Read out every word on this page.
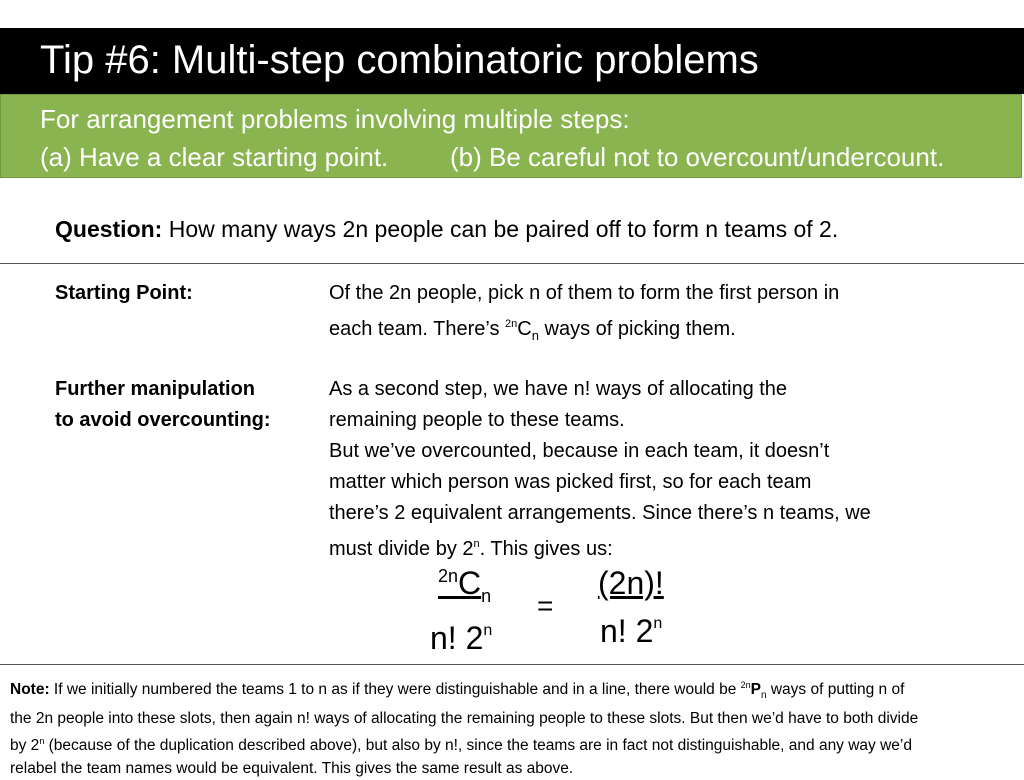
Tip #6: Multi-step combinatoric problems
For arrangement problems involving multiple steps:
(a) Have a clear starting point. (b) Be careful not to overcount/undercount.
Question: How many ways 2n people can be paired off to form n teams of 2.
Starting Point:	Of the 2n people, pick n of them to form the first person in
each team. There’s $^{2n}C_n$ ways of picking them.
Further manipulation
to avoid overcounting:
As a second step, we have n! ways of allocating the
remaining people to these teams.
But we’ve overcounted, because in each team, it doesn’t
matter which person was picked first, so for each team
there’s 2 equivalent arrangements. Since there’s n teams, we
must divide by 2$^n$. This gives us:
$^{2n}C_n$
n! $2^n$
=
(2n)!
n! 2$^n$
Note: If we initially numbered the teams 1 to n as if they were distinguishable and in a line, there would be $^{2n}P_n$ ways of putting n of
the 2n people into these slots, then again n! ways of allocating the remaining people to these slots. But then we’d have to both divide
by 2$^n$ (because of the duplication described above), but also by n!, since the teams are in fact not distinguishable, and any way we’d
relabel the team names would be equivalent. This gives the same result as above.
